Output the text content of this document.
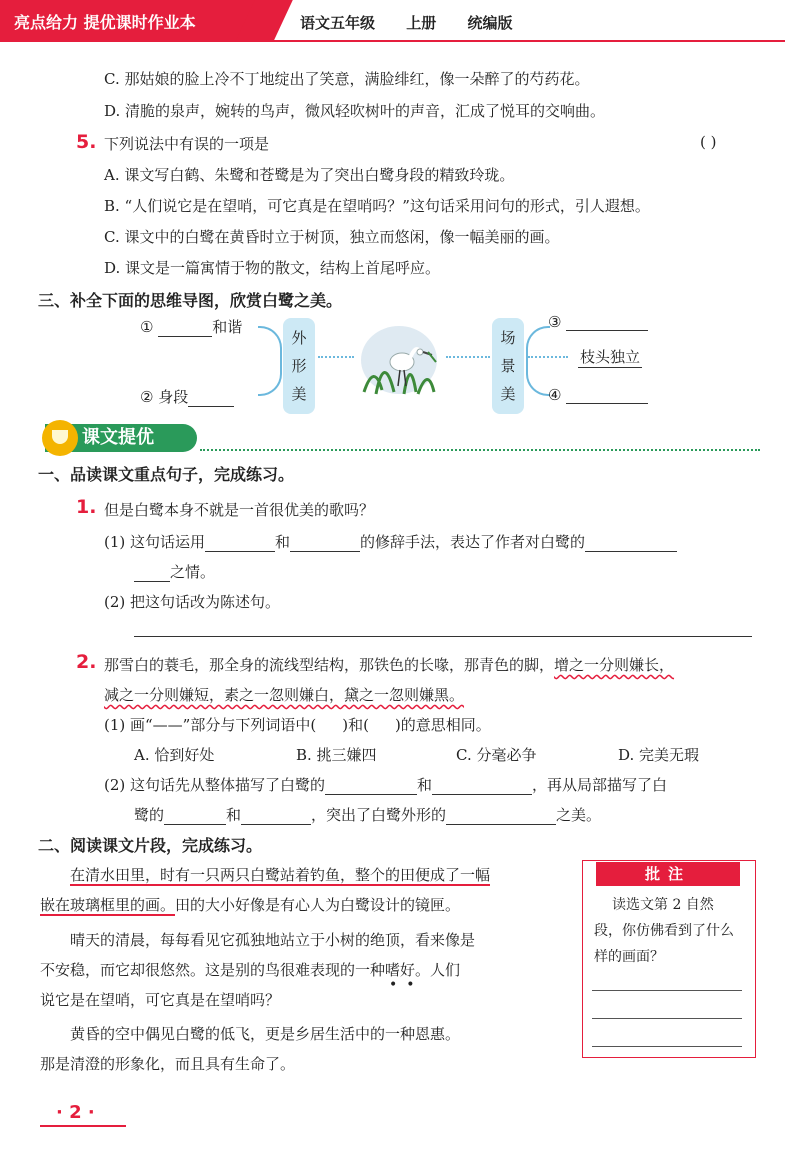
亮点给力 提优课时作业本	语文五年级 上册 统编版
C. 那姑娘的脸上冷不丁地绽出了笑意，满脸绯红，像一朵醉了的芍药花。
D. 清脆的泉声，婉转的鸟声，微风轻吹树叶的声音，汇成了悦耳的交响曲。
5. 下列说法中有误的一项是	( )
A. 课文写白鹤、朱鹭和苍鹭是为了突出白鹭身段的精致玲珑。
B. “人们说它是在望哨，可它真是在望哨吗？”这句话采用问句的形式，引人遐想。
C. 课文中的白鹭在黄昏时立于树顶，独立而悠闲，像一幅美丽的画。
D. 课文是一篇寓情于物的散文，结构上首尾呼应。
三、补全下面的思维导图，欣赏白鹭之美。
①	和谐
② 身段
外
形
美
场
景
美
③
枝头独立
④
课文提优
一、品读课文重点句子，完成练习。
1. 但是白鹭本身不就是一首很优美的歌吗？
(1) 这句话运用	和	的修辞手法，表达了作者对白鹭的
之情。
(2) 把这句话改为陈述句。
2. 那雪白的蓑毛，那全身的流线型结构，那铁色的长喙，那青色的脚，增之一分则嫌长，
减之一分则嫌短，素之一忽则嫌白，黛之一忽则嫌黑。
(1) 画“——”部分与下列词语中( )和( )的意思相同。
A. 恰到好处	B. 挑三嫌四	C. 分毫必争	D. 完美无瑕
(2) 这句话先从整体描写了白鹭的	和	，再从局部描写了白
鹭的	和	，突出了白鹭外形的	之美。
二、阅读课文片段，完成练习。
在清水田里，时有一只两只白鹭站着钓鱼，整个的田便成了一幅
嵌在玻璃框里的画。田的大小好像是有心人为白鹭设计的镜匣。
晴天的清晨，每每看见它孤独地站立于小树的绝顶，看来像是
不安稳，而它却很悠然。这是别的鸟很难表现的一种
••
嗜好。人们
说它是在望哨，可它真是在望哨吗？
黄昏的空中偶见白鹭的低飞，更是乡居生活中的一种恩惠。
那是清澄的形象化，而且具有生命了。
批注
读选文第 2 自然
段，你仿佛看到了什么
样的画面？
· 2 ·
